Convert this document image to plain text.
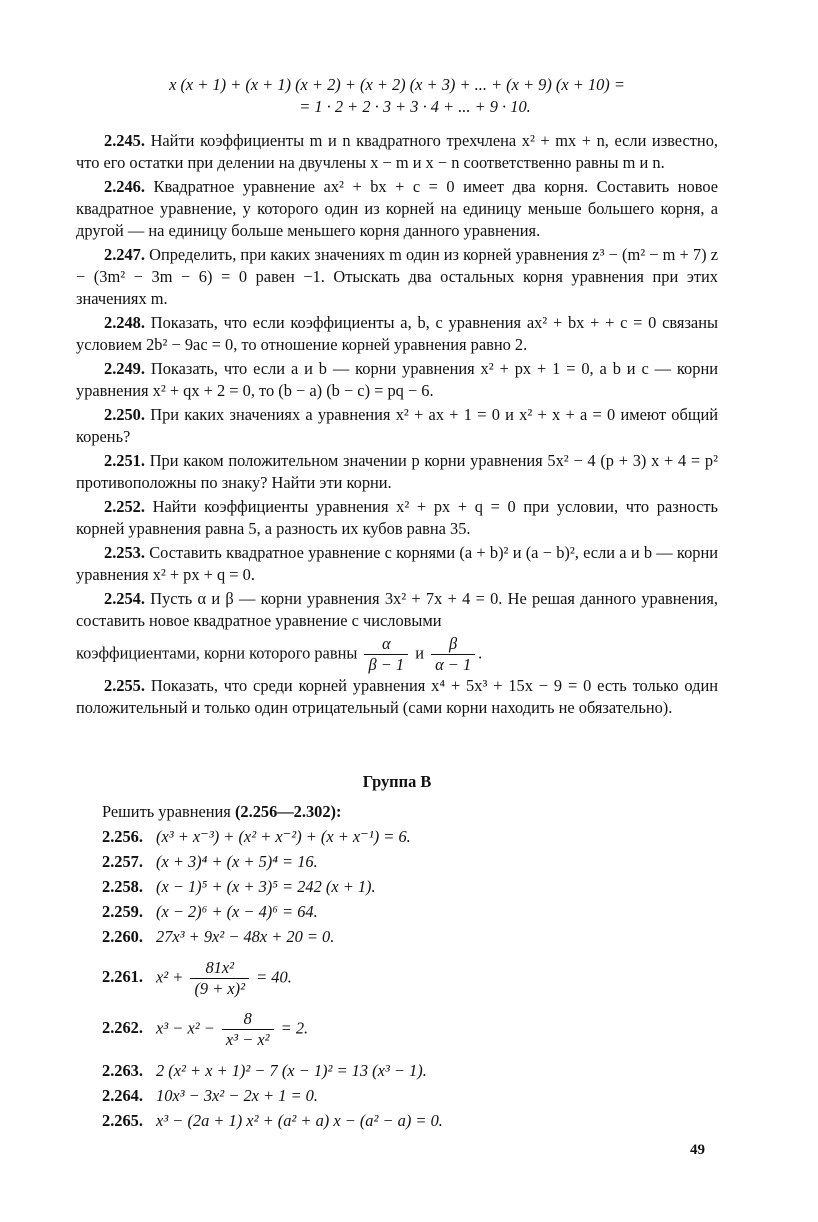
x (x + 1) + (x + 1) (x + 2) + (x + 2) (x + 3) + ... + (x + 9) (x + 10) =
= 1 · 2 + 2 · 3 + 3 · 4 + ... + 9 · 10.
2.245. Найти коэффициенты m и n квадратного трехчлена x² + mx + n, если известно, что его остатки при делении на двучлены x − m и x − n соответственно равны m и n.
2.246. Квадратное уравнение ax² + bx + c = 0 имеет два корня. Составить новое квадратное уравнение, у которого один из корней на единицу меньше большего корня, а другой — на единицу больше меньшего корня данного уравнения.
2.247. Определить, при каких значениях m один из корней уравнения z³ − (m² − m + 7) z − (3m² − 3m − 6) = 0 равен −1. Отыскать два остальных корня уравнения при этих значениях m.
2.248. Показать, что если коэффициенты a, b, c уравнения ax² + bx + + c = 0 связаны условием 2b² − 9ac = 0, то отношение корней уравнения равно 2.
2.249. Показать, что если a и b — корни уравнения x² + px + 1 = 0, а b и c — корни уравнения x² + qx + 2 = 0, то (b − a) (b − c) = pq − 6.
2.250. При каких значениях a уравнения x² + ax + 1 = 0 и x² + x + a = 0 имеют общий корень?
2.251. При каком положительном значении p корни уравнения 5x² − 4 (p + 3) x + 4 = p² противоположны по знаку? Найти эти корни.
2.252. Найти коэффициенты уравнения x² + px + q = 0 при условии, что разность корней уравнения равна 5, а разность их кубов равна 35.
2.253. Составить квадратное уравнение с корнями (a + b)² и (a − b)², если a и b — корни уравнения x² + px + q = 0.
2.254. Пусть α и β — корни уравнения 3x² + 7x + 4 = 0. Не решая данного уравнения, составить новое квадратное уравнение с числовыми
коэффициентами, корни которого равны $\frac{\alpha}{\beta - 1}$ и $\frac{\beta}{\alpha - 1}$ .
2.255. Показать, что среди корней уравнения x⁴ + 5x³ + 15x − 9 = 0 есть только один положительный и только один отрицательный (сами корни находить не обязательно).
Группа В
Решить уравнения (2.256—2.302):
2.256. (x³ + x⁻³) + (x² + x⁻²) + (x + x⁻¹) = 6.
2.257. (x + 3)⁴ + (x + 5)⁴ = 16.
2.258. (x − 1)⁵ + (x + 3)⁵ = 242 (x + 1).
2.259. (x − 2)⁶ + (x − 4)⁶ = 64.
2.260. 27x³ + 9x² − 48x + 20 = 0.
2.261. $x^2 + \frac{\text{81x²}}{\text{(9 + x)²}} = 40$.
2.262. $x^3 - x^2 - \frac{8}{\text{x³ − x²}} = 2$.
2.263. 2 (x² + x + 1)² − 7 (x − 1)² = 13 (x³ − 1).
2.264. 10x³ − 3x² − 2x + 1 = 0.
2.265. x³ − (2a + 1) x² + (a² + a) x − (a² − a) = 0.
49
